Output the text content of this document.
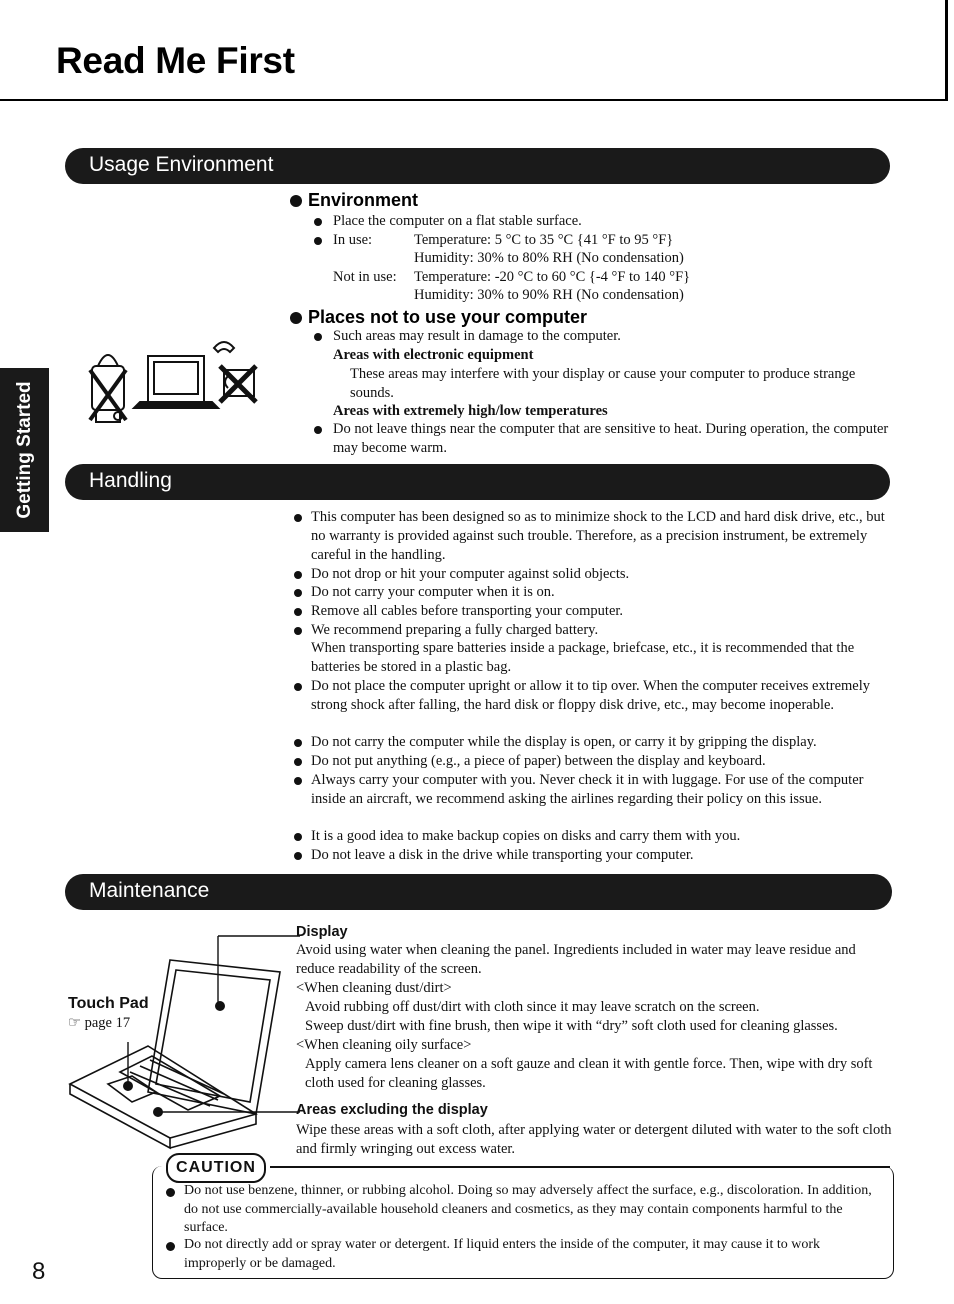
Read Me First
Getting Started
Usage Environment
Environment
Place the computer on a flat stable surface.
In use:	Temperature: 5 °C to 35 °C {41 °F to 95 °F}
Humidity: 30% to 80% RH (No condensation)
Not in use: Temperature: -20 °C to 60 °C {-4 °F to 140 °F}
Humidity: 30% to 90% RH (No condensation)
Places not to use your computer
Such areas may result in damage to the computer.
Areas with electronic equipment
These areas may interfere with your display or cause your computer to produce strange sounds.
Areas with extremely high/low temperatures
Do not leave things near the computer that are sensitive to heat. During operation, the computer may become warm.
Handling
This computer has been designed so as to minimize shock to the LCD and hard disk drive, etc., but no warranty is provided against such trouble. Therefore, as a precision instrument, be extremely careful in the handling.
Do not drop or hit your computer against solid objects.
Do not carry your computer when it is on.
Remove all cables before transporting your computer.
We recommend preparing a fully charged battery.
When transporting spare batteries inside a package, briefcase, etc., it is recommended that the batteries be stored in a plastic bag.
Do not place the computer upright or allow it to tip over. When the computer receives extremely strong shock after falling, the hard disk or floppy disk drive, etc., may become inoperable.
Do not carry the computer while the display is open, or carry it by gripping the display.
Do not put anything (e.g., a piece of paper) between the display and keyboard.
Always carry your computer with you. Never check it in with luggage. For use of the computer inside an aircraft, we recommend asking the airlines regarding their policy on this issue.
It is a good idea to make backup copies on disks and carry them with you.
Do not leave a disk in the drive while transporting your computer.
Maintenance
Touch Pad
☞ page 17
Display
Avoid using water when cleaning the panel. Ingredients included in water may leave residue and reduce readability of the screen.
<When cleaning dust/dirt>
Avoid rubbing off dust/dirt with cloth since it may leave scratch on the screen.
Sweep dust/dirt with fine brush, then wipe it with “dry” soft cloth used for cleaning glasses.
<When cleaning oily surface>
Apply camera lens cleaner on a soft gauze and clean it with gentle force. Then, wipe with dry soft cloth used for cleaning glasses.
Areas excluding the display
Wipe these areas with a soft cloth, after applying water or detergent diluted with water to the soft cloth and firmly wringing out excess water.
CAUTION
Do not use benzene, thinner, or rubbing alcohol. Doing so may adversely affect the surface, e.g., discoloration. In addition, do not use commercially-available household cleaners and cosmetics, as they may contain components harmful to the surface.
Do not directly add or spray water or detergent. If liquid enters the inside of the computer, it may cause it to work improperly or be damaged.
8
